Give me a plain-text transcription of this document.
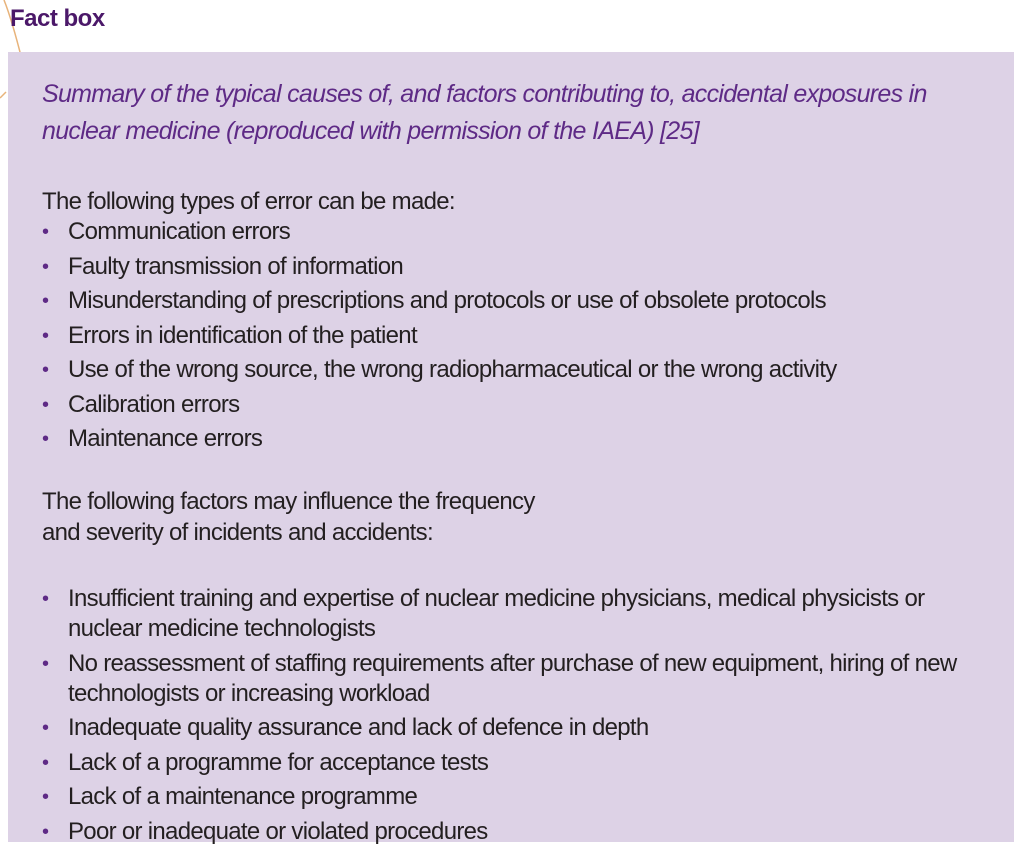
Fact box
Summary of the typical causes of, and factors contributing to, accidental exposures in nuclear medicine (reproduced with permission of the IAEA) [25]
The following types of error can be made:
• Communication errors
• Faulty transmission of information
• Misunderstanding of prescriptions and protocols or use of obsolete protocols
• Errors in identification of the patient
• Use of the wrong source, the wrong radiopharmaceutical or the wrong activity
• Calibration errors
• Maintenance errors
The following factors may influence the frequency
and severity of incidents and accidents:
• Insufficient training and expertise of nuclear medicine physicians, medical physicists or nuclear medicine technologists
• No reassessment of staffing requirements after purchase of new equipment, hiring of new technologists or increasing workload
• Inadequate quality assurance and lack of defence in depth
• Lack of a programme for acceptance tests
• Lack of a maintenance programme
• Poor or inadequate or violated procedures
